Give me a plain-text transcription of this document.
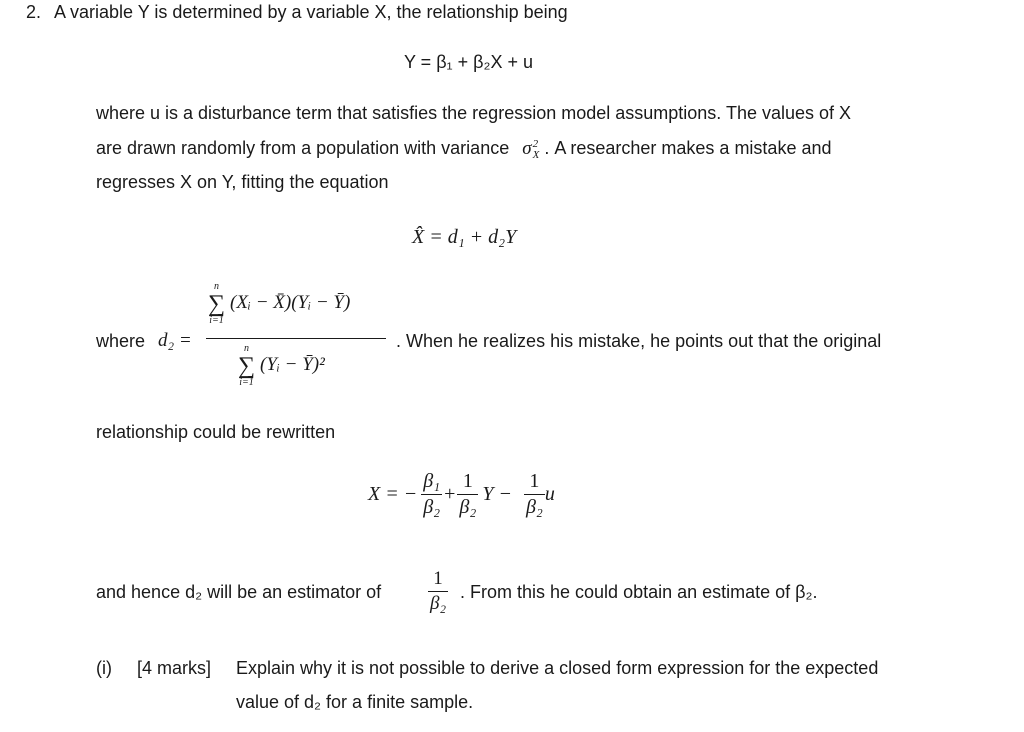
2. A variable Y is determined by a variable X, the relationship being
Y = β₁ + β₂X + u
where u is a disturbance term that satisfies the regression model assumptions. The values of X
are drawn randomly from a population with variance σ 2
X . A researcher makes a mistake and
regresses X on Y, fitting the equation
X̂ = d₁ + d₂Y
where d₂ =
n
∑
i=1
(Xᵢ − X̄)(Yᵢ − Ȳ)
n
∑
i=1
(Yᵢ − Ȳ)²
. When he realizes his mistake, he points out that the original
relationship could be rewritten
X = − $\frac{\text{β₁}}{\text{β₂}} + \frac{1}{\text{β₂}}$ $Y - \frac{1}{\text{β₂}}$ u
and hence d₂ will be an estimator of $\frac{1}{\text{β₂}}$ . From this he could obtain an estimate of β₂.
(i) [4 marks] Explain why it is not possible to derive a closed form expression for the expected
value of d₂ for a finite sample.
